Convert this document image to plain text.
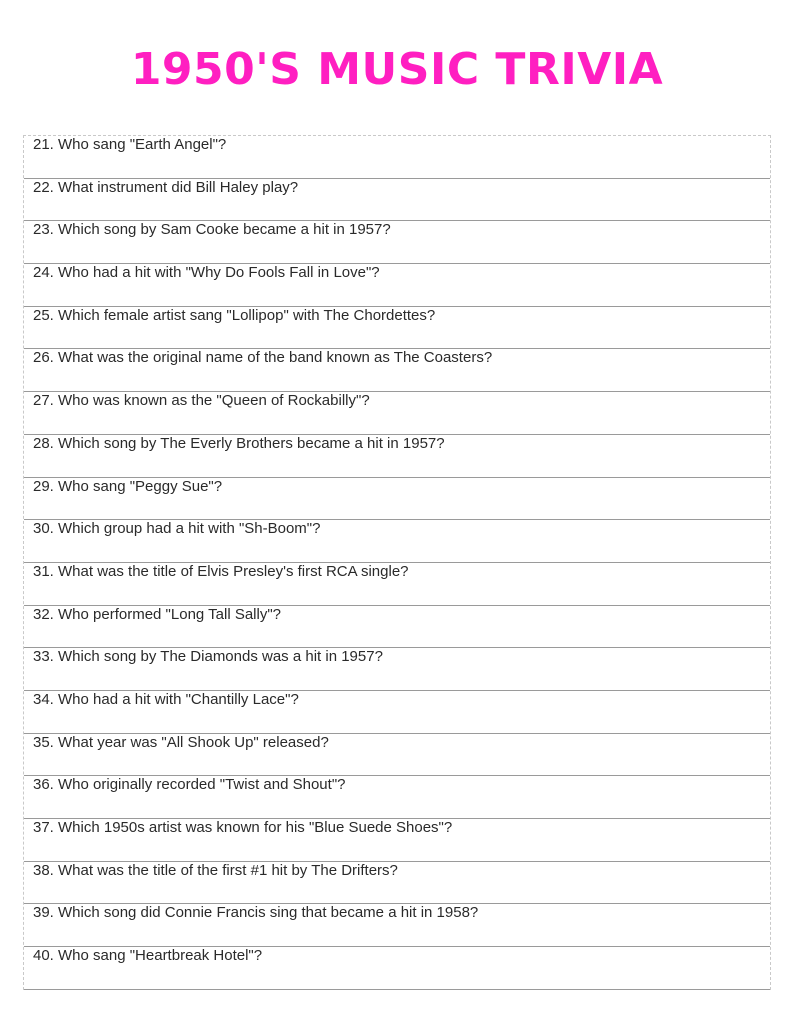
1950'S MUSIC TRIVIA
21. Who sang "Earth Angel"?
22. What instrument did Bill Haley play?
23. Which song by Sam Cooke became a hit in 1957?
24. Who had a hit with "Why Do Fools Fall in Love"?
25. Which female artist sang "Lollipop" with The Chordettes?
26. What was the original name of the band known as The Coasters?
27. Who was known as the "Queen of Rockabilly"?
28. Which song by The Everly Brothers became a hit in 1957?
29. Who sang "Peggy Sue"?
30. Which group had a hit with "Sh-Boom"?
31. What was the title of Elvis Presley's first RCA single?
32. Who performed "Long Tall Sally"?
33. Which song by The Diamonds was a hit in 1957?
34. Who had a hit with "Chantilly Lace"?
35. What year was "All Shook Up" released?
36. Who originally recorded "Twist and Shout"?
37. Which 1950s artist was known for his "Blue Suede Shoes"?
38. What was the title of the first #1 hit by The Drifters?
39. Which song did Connie Francis sing that became a hit in 1958?
40. Who sang "Heartbreak Hotel"?
